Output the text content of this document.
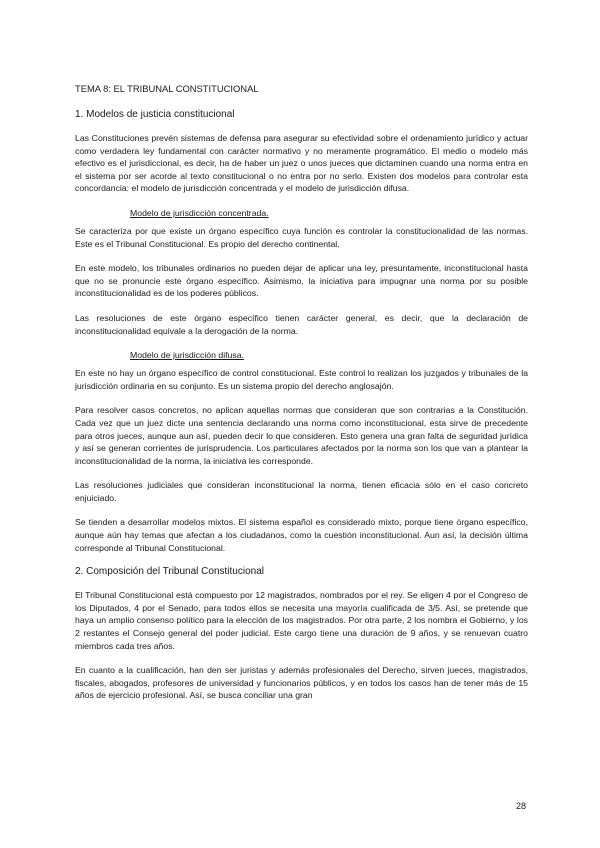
TEMA 8: EL TRIBUNAL CONSTITUCIONAL
1. Modelos de justicia constitucional

Las Constituciones prevén sistemas de defensa para asegurar su efectividad sobre el ordenamiento jurídico y actuar como verdadera ley fundamental con carácter normativo y no meramente programático. El medio o modelo más efectivo es el jurisdiccional, es decir, ha de haber un juez o unos jueces que dictaminen cuando una norma entra en el sistema por ser acorde al texto constitucional o no entra por no serlo. Existen dos modelos para controlar esta concordancia: el modelo de jurisdicción concentrada y el modelo de jurisdicción difusa.

Modelo de jurisdicción concentrada.

Se caracteriza por que existe un órgano específico cuya función es controlar la constitucionalidad de las normas. Este es el Tribunal Constitucional. Es propio del derecho continental.

En este modelo, los tribunales ordinarios no pueden dejar de aplicar una ley, presuntamente, inconstitucional hasta que no se pronuncie este órgano específico. Asimismo, la iniciativa para impugnar una norma por su posible inconstitucionalidad es de los poderes públicos.

Las resoluciones de este órgano específico tienen carácter general, es decir, que la declaración de inconstitucionalidad equivale a la derogación de la norma.

Modelo de jurisdicción difusa.

En este no hay un órgano específico de control constitucional. Este control lo realizan los juzgados y tribunales de la jurisdicción ordinaria en su conjunto. Es un sistema propio del derecho anglosajón.

Para resolver casos concretos, no aplican aquellas normas que consideran que son contrarias a la Constitución. Cada vez que un juez dicte una sentencia declarando una norma como inconstitucional, esta sirve de precedente para otros jueces, aunque aun así, pueden decir lo que consideren. Esto genera una gran falta de seguridad jurídica y así se generan corrientes de jurisprudencia. Los particulares afectados por la norma son los que van a plantear la inconstitucionalidad de la norma, la iniciativa les corresponde.

Las resoluciones judiciales que consideran inconstitucional la norma, tienen eficacia sólo en el caso concreto enjuiciado.

Se tienden a desarrollar modelos mixtos. El sistema español es considerado mixto, porque tiene órgano específico, aunque aún hay temas que afectan a los ciudadanos, como la cuestión inconstitucional. Aun así, la decisión última corresponde al Tribunal Constitucional.

2. Composición del Tribunal Constitucional

El Tribunal Constitucional está compuesto por 12 magistrados, nombrados por el rey. Se eligen 4 por el Congreso de los Diputados, 4 por el Senado, para todos ellos se necesita una mayoría cualificada de 3/5. Así, se pretende que haya un amplio consenso político para la elección de los magistrados. Por otra parte, 2 los nombra el Gobierno, y los 2 restantes el Consejo general del poder judicial. Este cargo tiene una duración de 9 años, y se renuevan cuatro miembros cada tres años.

En cuanto a la cualificación, han den ser juristas y además profesionales del Derecho, sirven jueces, magistrados, fiscales, abogados, profesores de universidad y funcionarios públicos, y en todos los casos han de tener más de 15 años de ejercicio profesional. Así, se busca conciliar una gran

28
